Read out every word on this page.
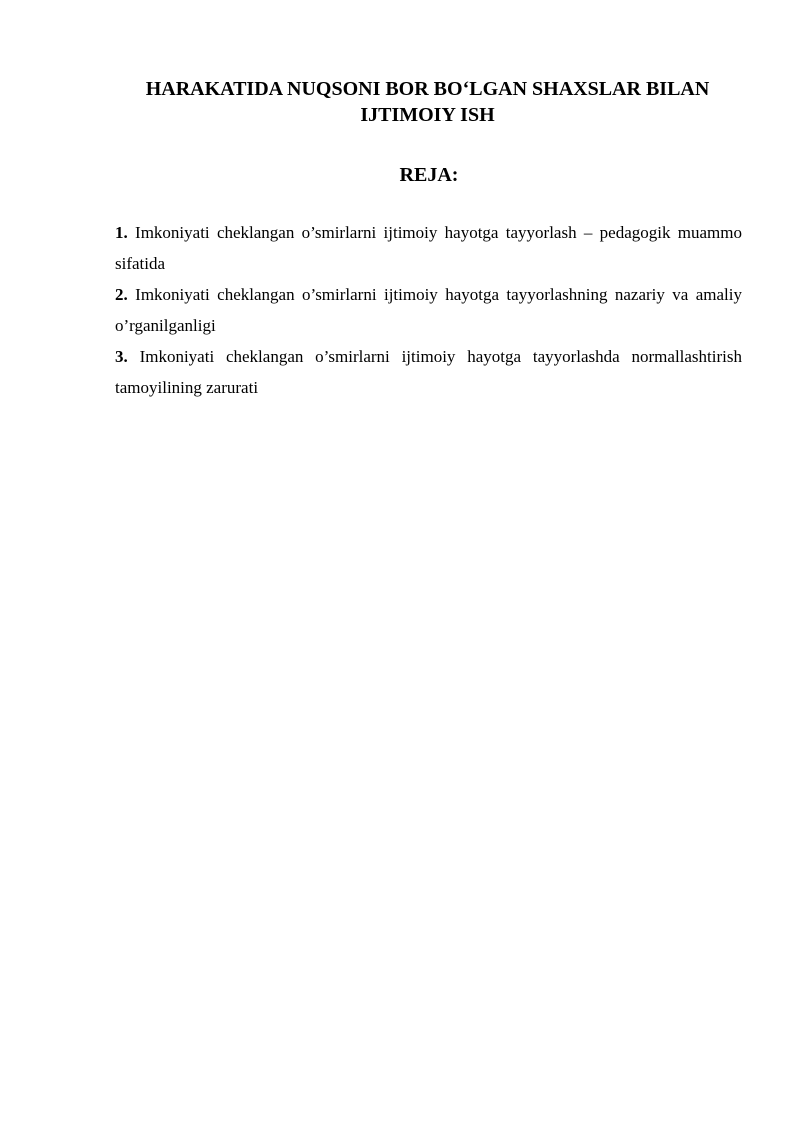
HARAKATIDA NUQSONI BOR BO‘LGAN SHAXSLAR BILAN IJTIMOIY ISH
REJA:
1. Imkoniyati cheklangan o’smirlarni ijtimoiy hayotga tayyorlash – pedagogik muammo sifatida
2. Imkoniyati cheklangan o’smirlarni ijtimoiy hayotga tayyorlashning nazariy va amaliy o’rganilganligi
3. Imkoniyati cheklangan o’smirlarni ijtimoiy hayotga tayyorlashda normallashtirish tamoyilining zarurati
